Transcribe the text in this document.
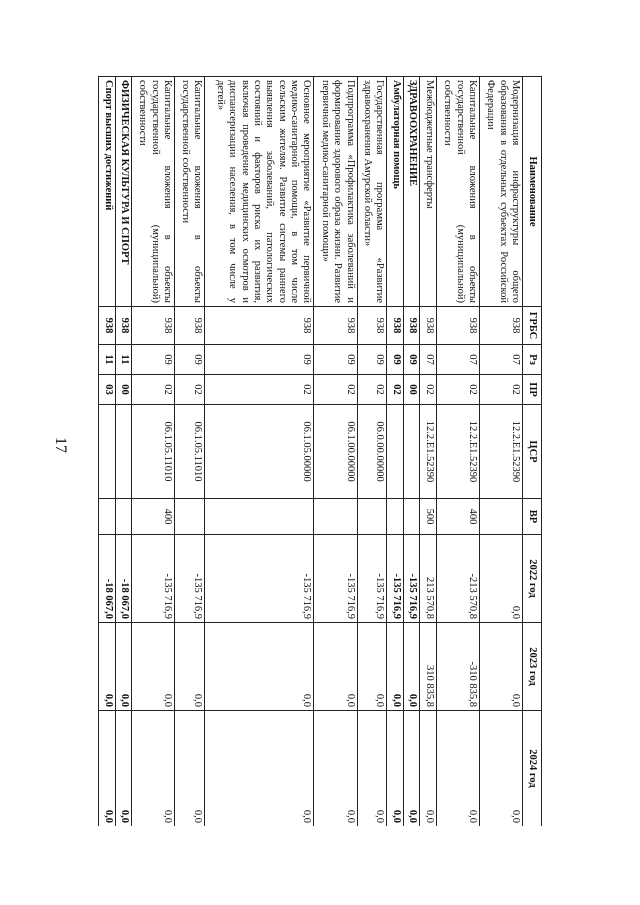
17
Наименование	ГРБС	Рз	ПР	ЦСР	ВР	2022 год	2023 год	2024 год
Модернизация инфраструктуры общего образования в отдельных субъектах Российской Федерации	938	07	02	12.2.Е1.52390		0,0	0,0	0,0
Капитальные вложения в объекты государственной (муниципальной) собственности	938	07	02	12.2.Е1.52390	400	-213 570,8	-310 835,8	0,0
Межбюджетные трансферты	938	07	02	12.2.Е1.52390	500	213 570,8	310 835,8	0,0
ЗДРАВООХРАНЕНИЕ	938	09	00			-135 716,9	0,0	0,0
Амбулаторная помощь	938	09	02			-135 716,9	0,0	0,0
Государственная программа «Развитие здравоохранения Амурской области»	938	09	02	06.0.00.00000		-135 716,9	0,0	0,0
Подпрограмма «Профилактика заболеваний и формирование здорового образа жизни. Развитие первичной медико-санитарной помощи»	938	09	02	06.1.00.00000		-135 716,9	0,0	0,0
Основное мероприятие «Развитие первичной медико-санитарной помощи, в том числе сельским жителям. Развитие системы раннего выявления заболеваний, патологических состояний и факторов риска их развития, включая проведение медицинских осмотров и диспансеризации населения, в том числе у детей»	938	09	02	06.1.05.00000		-135 716,9	0,0	0,0
Капитальные вложения в объекты государственной собственности	938	09	02	06.1.05.11010		-135 716,9	0,0	0,0
Капитальные вложения в объекты государственной (муниципальной) собственности	938	09	02	06.1.05.11010	400	-135 716,9	0,0	0,0
ФИЗИЧЕСКАЯ КУЛЬТУРА И СПОРТ	938	11	00			-18 067,0	0,0	0,0
Спорт высших достижений	938	11	03			-18 067,0	0,0	0,0
